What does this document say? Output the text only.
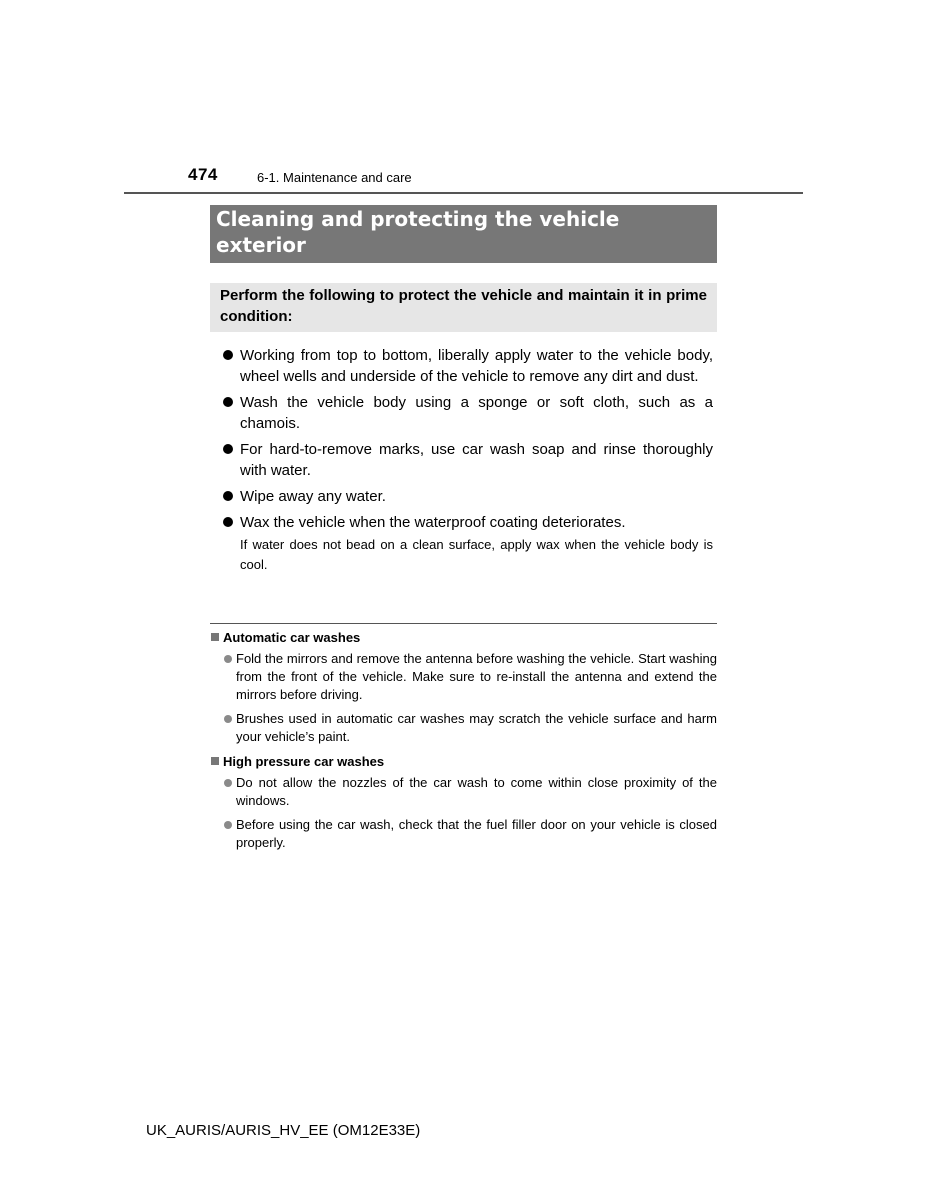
474	6-1. Maintenance and care
Cleaning and protecting the vehicle exterior
Perform the following to protect the vehicle and maintain it in prime condition:
Working from top to bottom, liberally apply water to the vehicle body, wheel wells and underside of the vehicle to remove any dirt and dust.
Wash the vehicle body using a sponge or soft cloth, such as a chamois.
For hard-to-remove marks, use car wash soap and rinse thoroughly with water.
Wipe away any water.
Wax the vehicle when the waterproof coating deteriorates.
If water does not bead on a clean surface, apply wax when the vehicle body is cool.
Automatic car washes
Fold the mirrors and remove the antenna before washing the vehicle. Start washing from the front of the vehicle. Make sure to re-install the antenna and extend the mirrors before driving.
Brushes used in automatic car washes may scratch the vehicle surface and harm your vehicle’s paint.
High pressure car washes
Do not allow the nozzles of the car wash to come within close proximity of the windows.
Before using the car wash, check that the fuel filler door on your vehicle is closed properly.
UK_AURIS/AURIS_HV_EE (OM12E33E)
